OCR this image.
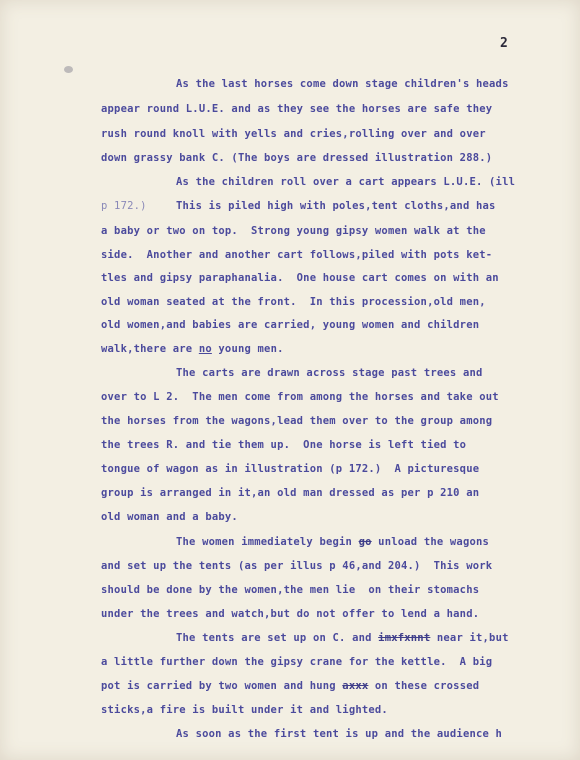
2
As the last horses come down stage children's heads
appear round L.U.E. and as they see the horses are safe they
rush round knoll with yells and cries,rolling over and over
down grassy bank C. (The boys are dressed illustration 288.)
As the children roll over a cart appears L.U.E. (ill
p 172.)	This is piled high with poles,tent cloths,and has
a baby or two on top.  Strong young gipsy women walk at the
side.  Another and another cart follows,piled with pots ket-
tles and gipsy paraphanalia.  One house cart comes on with an
old woman seated at the front.  In this procession,old men,
old women,and babies are carried, young women and children
walk,there are no young men.
The carts are drawn across stage past trees and
over to L 2.  The men come from among the horses and take out
the horses from the wagons,lead them over to the group among
the trees R. and tie them up.  One horse is left tied to
tongue of wagon as in illustration (p 172.)  A picturesque
group is arranged in it,an old man dressed as per p 210 an
old woman and a baby.
The women immediately begin go unload the wagons
and set up the tents (as per illus p 46,and 204.)  This work
should be done by the women,the men lie  on their stomachs
under the trees and watch,but do not offer to lend a hand.
The tents are set up on C. and imxfxnnt near it,but
a little further down the gipsy crane for the kettle.  A big
pot is carried by two women and hung axxx on these crossed
sticks,a fire is built under it and lighted.
As soon as the first tent is up and the audience h
